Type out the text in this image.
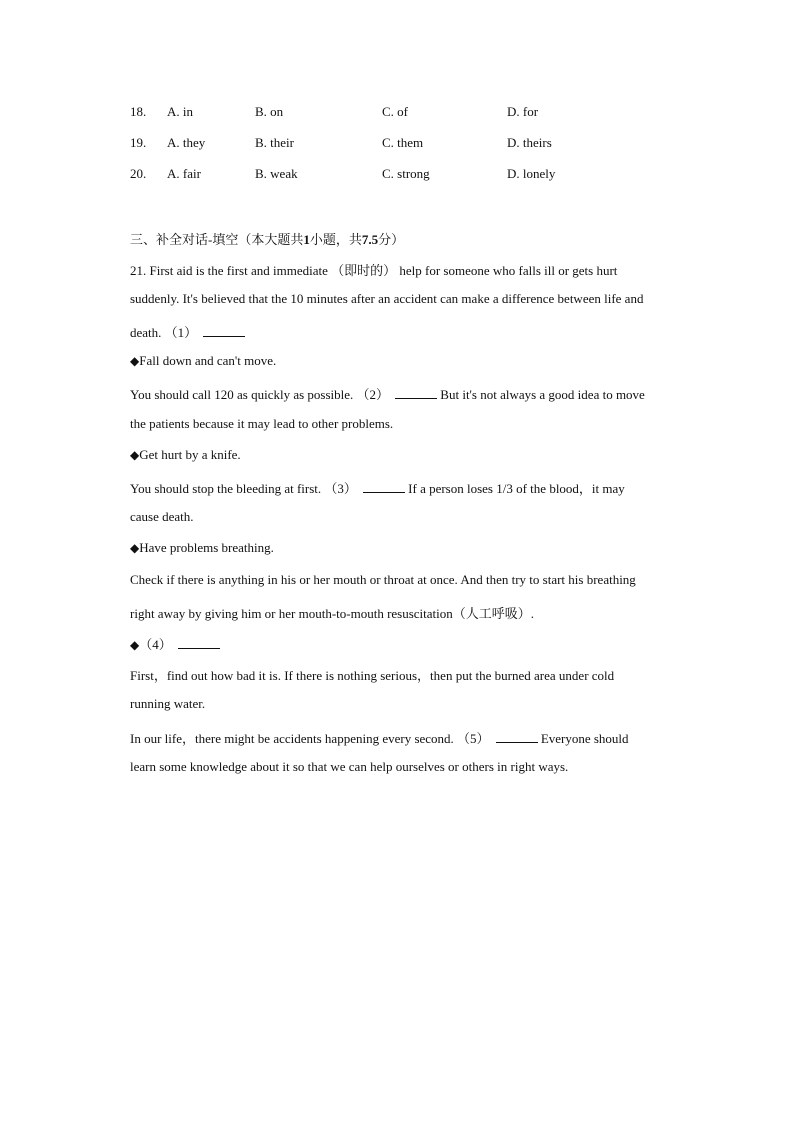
18. A. in	B. on	C. of	D. for
19. A. they	B. their	C. them	D. theirs
20. A. fair	B. weak	C. strong	D. lonely
三、补全对话-填空（本大题共1小题，共7.5分）
21. First aid is the first and immediate （即时的） help for someone who falls ill or gets hurt
suddenly. It's believed that the 10 minutes after an accident can make a difference between life and
death. （1）
◆Fall down and can't move.
You should call 120 as quickly as possible. （2）	But it's not always a good idea to move
the patients because it may lead to other problems.
◆Get hurt by a knife.
You should stop the bleeding at first. （3）	If a person loses 1/3 of the blood，it may
cause death.
◆Have problems breathing.
Check if there is anything in his or her mouth or throat at once. And then try to start his breathing
right away by giving him or her mouth-to-mouth resuscitation（人工呼吸）.
◆（4）
First，find out how bad it is. If there is nothing serious，then put the burned area under cold
running water.
In our life，there might be accidents happening every second. （5）	Everyone should
learn some knowledge about it so that we can help ourselves or others in right ways.
